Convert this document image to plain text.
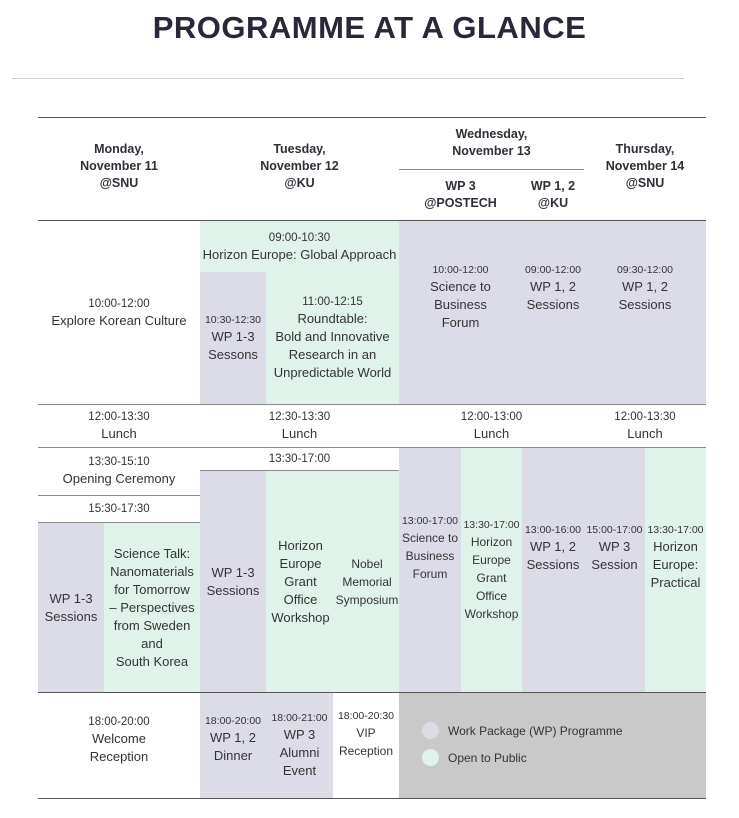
PROGRAMME AT A GLANCE
10:00-12:00
Explore Korean Culture
09:00-10:30
Horizon Europe: Global Approach
10:30-12:30
WP 1-3
Sessons
11:00-12:15
Roundtable:
Bold and Innovative
Research in an
Unpredictable World
10:00-12:00
Science to
Business
Forum
09:00-12:00
WP 1, 2
Sessions
09:30-12:00
WP 1, 2
Sessions
12:00-13:30
Lunch
12:30-13:30
Lunch
12:00-13:00
Lunch
12:00-13:30
Lunch
13:30-15:10
Opening Ceremony
15:30-17:30
WP 1-3
Sessions
Science Talk:
Nanomaterials
for Tomorrow
– Perspectives
from Sweden
and
South Korea
13:30-17:00
WP 1-3
Sessions
Horizon
Europe
Grant
Office
Workshop
Nobel
Memorial
Symposium
13:00-17:00
Science to
Business
Forum
13:30-17:00
Horizon
Europe
Grant
Office
Workshop
13:00-16:00
WP 1, 2
Sessions
15:00-17:00
WP 3
Session
13:30-17:00
Horizon
Europe:
Practical
18:00-20:00
Welcome
Reception
18:00-20:00
WP 1, 2
Dinner
18:00-21:00
WP 3
Alumni
Event
18:00-20:30
VIP
Reception
Work Package (WP) Programme
Open to Public
Monday,
November 11
@SNU
Tuesday,
November 12
@KU
Wednesday,
November 13
WP 3
@POSTECH
WP 1, 2
@KU
Thursday,
November 14
@SNU
